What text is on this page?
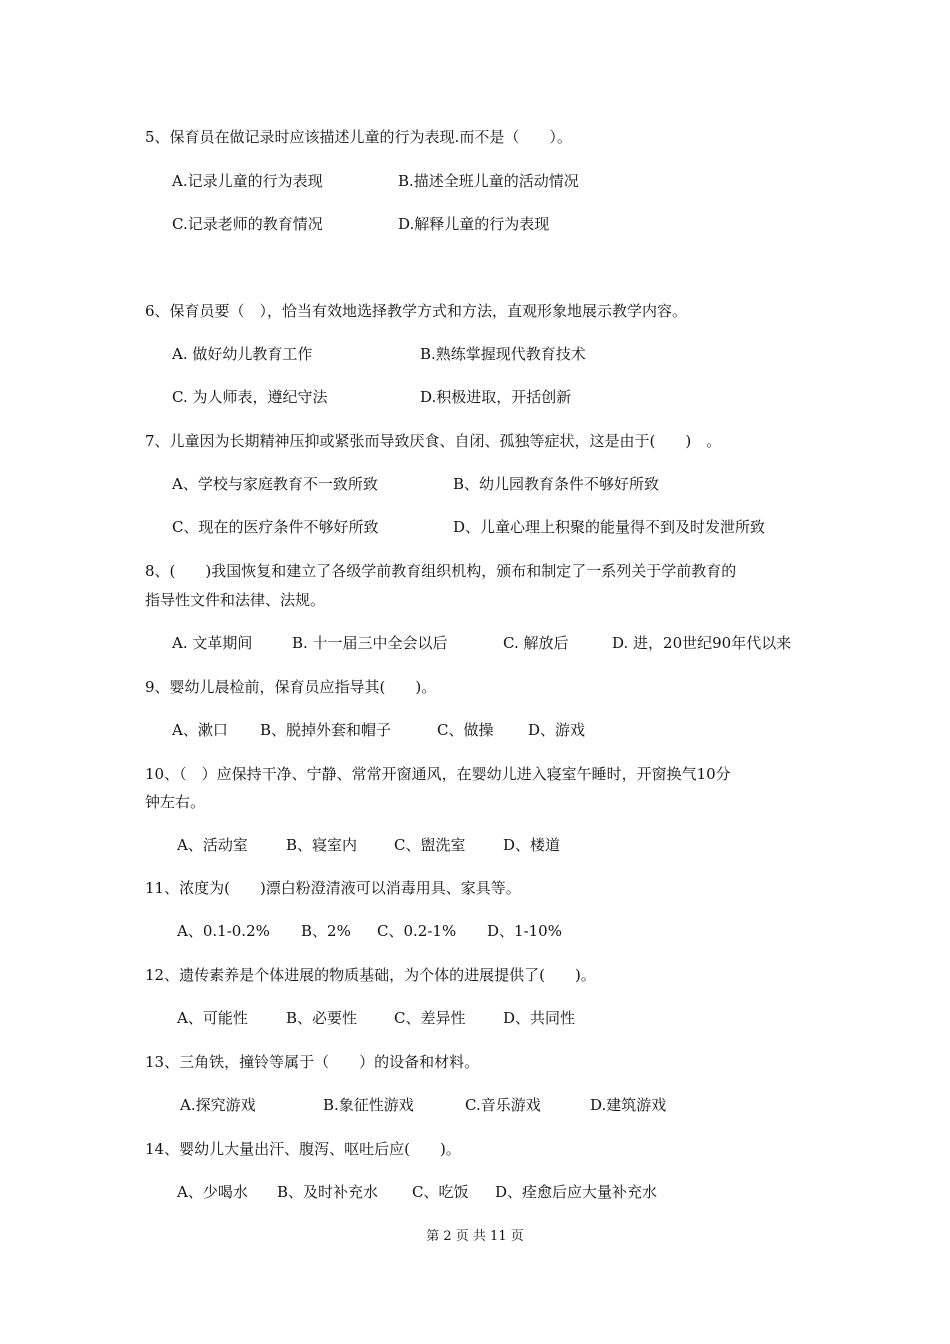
5、保育员在做记录时应该描述儿童的行为表现.而不是（　　）。
A.记录儿童的行为表现	B.描述全班儿童的活动情况
C.记录老师的教育情况	D.解释儿童的行为表现
6、保育员要（　），恰当有效地选择教学方式和方法，直观形象地展示教学内容。
A. 做好幼儿教育工作	B.熟练掌握现代教育技术
C. 为人师表，遵纪守法	D.积极进取，开括创新
7、儿童因为长期精神压抑或紧张而导致厌食、自闭、孤独等症状，这是由于(　　)　。
A、学校与家庭教育不一致所致	B、幼儿园教育条件不够好所致
C、现在的医疗条件不够好所致	D、儿童心理上积聚的能量得不到及时发泄所致
8、(　　)我国恢复和建立了各级学前教育组织机构，颁布和制定了一系列关于学前教育的
指导性文件和法律、法规。
A. 文革期间	B. 十一届三中全会以后	C. 解放后	D. 进，20世纪90年代以来
9、婴幼儿晨检前，保育员应指导其(　　)。
A、漱口 B、脱掉外套和帽子	C、做操 D、游戏
10、（　）应保持干净、宁静、常常开窗通风，在婴幼儿进入寝室午睡时，开窗换气10分
钟左右。
A、活动室	B、寝室内 C、盥洗室	D、楼道
11、浓度为(　　)漂白粉澄清液可以消毒用具、家具等。
A、0.1-0.2% B、2% C、0.2-1% D、1-10%
12、遗传素养是个体进展的物质基础，为个体的进展提供了(　　)。
A、可能性	B、必要性 C、差异性	D、共同性
13、三角铁，撞铃等属于（　　）的设备和材料。
A.探究游戏	B.象征性游戏	C.音乐游戏	D.建筑游戏
14、婴幼儿大量出汗、腹泻、呕吐后应(　　)。
A、少喝水 B、及时补充水 C、吃饭 D、痊愈后应大量补充水
第 2 页 共 11 页
